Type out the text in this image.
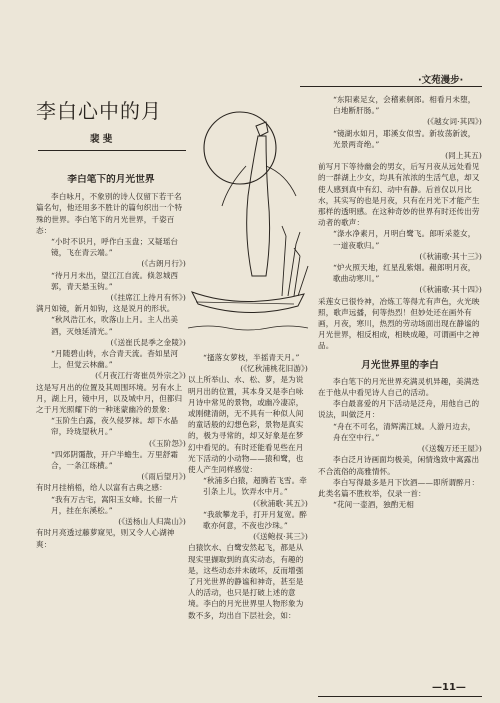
·文苑漫步·
李白心中的月
裴 斐
李白笔下的月光世界

李白咏月，不象别的诗人仅留下若干名篇名句，他还用多不胜计的篇句织出一个特殊的世界。李白笔下的月光世界，千姿百态：

“小时不识月，呼作白玉盘；又疑瑶台镜，飞在青云端。”

(《古朗月行》)

“待月月未出，望江江自流。倏忽城西郭，青天悬玉钩。”

(《挂席江上待月有怀》)

满月如镜，新月如钩，这是说月的形状。

“秋风浩江水，吹落山上月。主人出美酒，灭烛延清光。”

(《送崔氏昆季之金陵》)

“月随碧山转，水合青天流。杳如星河上，但觉云林幽。”

(《月夜江行寄崔员外宗之》)

这是写月出的位置及其周围环境。另有水上月，湖上月，镜中月，以及城中月，但都归之于月光照耀下的一种迷蒙幽冷的景象：

“玉阶生白露，夜久侵罗袜。却下水晶帘，玲珑望秋月。”

(《玉阶怨》)

“四郊阴霭散，开户半蟾生。万里舒霜合，一条江练横。”

(《雨后望月》)

有时月挂梢梧，给人以富有古典之感：

“我有万古宅，嵩阳玉女峰。长留一片月，挂在东溪松。”

(《送杨山人归嵩山》)

有时月亮透过藤萝窥见，则又令人心湖神爽：

“搔落女萝枝，半摇青天月。”

(《忆秋浦桃花旧游》)

以上所举山、水、松、萝，是为说明月出的位置，其本身又是李白咏月诗中常见的景物，或幽冷凄凉，或刚健清朗，无不具有一种似人间的童话般的幻想色彩，景物是真实的，极为寻常的，却又好象是在梦幻中看见的。有时还能看见些在月光下活动的小动物——猿和鹭，也使人产生同样感觉：

“秋浦多白猿，超腾若飞雪。牵引条上儿，饮弄水中月。”

(《秋浦歌·其五》)

“我欲攀龙手，打开月复宽。醉歌亦何意，不夜也沙珠。”

(《送鲍叔·其三》)

白猿饮水、白鹭安然起飞，都是从现实里撷取到的真实动态，有趣的是，这些动态并未破坏，反而增强了月光世界的静谧和神奇，甚至是人的活动，也只是打破上述的意境。李白的月光世界里人物形象为数不多，均出自下层社会，如：

“东阳素足女，会稽素舸郎。相看月未堕，白地断肝肠。”

(《越女词·其四》)

“镜湖水如月，耶溪女似雪。新妆荡新波，光景两奇绝。”

(同上其五)

前写月下等待幽会的男女，后写月夜从远处看见的一群湖上少女，均具有浓浓的生活气息，却又使人感到真中有幻、动中有静。后首仅以月比水，其实写的也是月夜，只有在月光下才能产生那样的透明感。在这种奇妙的世界有时还传出劳动者的歌声：

“淥水净素月，月明白鹭飞。郎听采菱女，一道夜歌归。”

(《秋浦歌·其十三》)

“炉火照天地，红星乱紫烟。赧郎明月夜，歌曲动寒川。”

(《秋浦歌·其十四》)

采莲女已很怜神，冶炼工等得尤有声色，火光映照，歌声远播，何等热烈！但妙处还在画外有画，月夜，寒川，热烈的劳动场面出现在静谧的月光世界，相反相成，相映成趣，可谓画中之神品。

月光世界里的李白

李白笔下的月光世界充满灵机异趣，美满迭在于他从中看见诗人自己的活动。

李白最喜爱的月下活动是泛舟，用他自己的说法，叫做泛月：

“舟在不可名，清辉满江城。人游月边去，舟在空中行。”

(《送魏万还王屋》)

李白泛月诗画面均极美，闲情逸致中寓露出不合流俗的高雅情怀。

李白写得最多是月下饮酒——即所谓醉月：此类名篇不胜枚举，仅录一首：

“花间一壶酒，独酌无相

—11—
